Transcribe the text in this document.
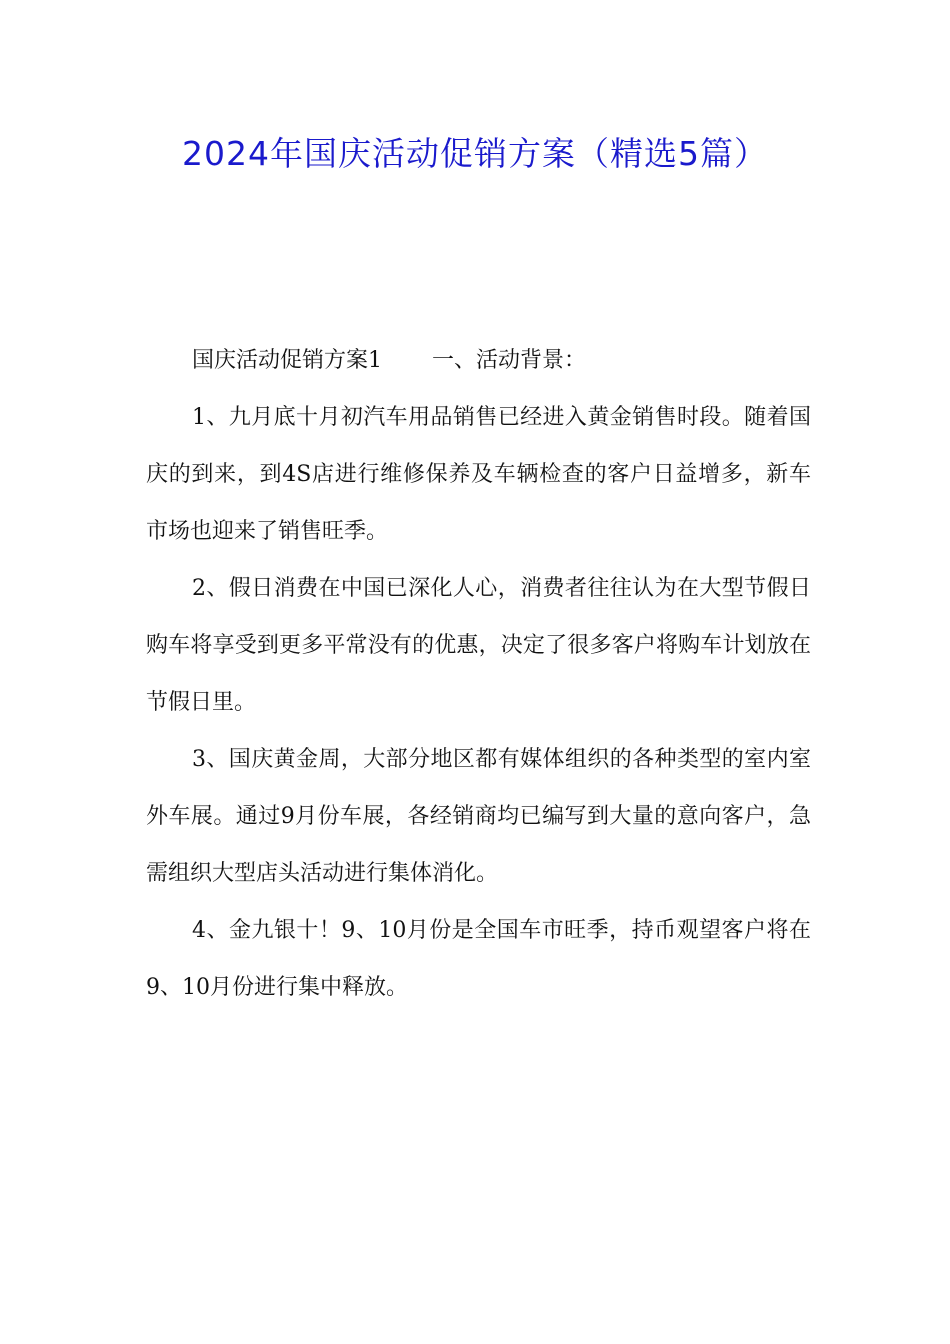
2024年国庆活动促销方案（精选5篇）

国庆活动促销方案1 一、活动背景：

1、九月底十月初汽车用品销售已经进入黄金销售时段。随着国庆的到来，到4S店进行维修保养及车辆检查的客户日益增多，新车市场也迎来了销售旺季。

2、假日消费在中国已深化人心，消费者往往认为在大型节假日购车将享受到更多平常没有的优惠，决定了很多客户将购车计划放在节假日里。

3、国庆黄金周，大部分地区都有媒体组织的各种类型的室内室外车展。通过9月份车展，各经销商均已编写到大量的意向客户，急需组织大型店头活动进行集体消化。

4、金九银十！9、10月份是全国车市旺季，持币观望客户将在9、10月份进行集中释放。
